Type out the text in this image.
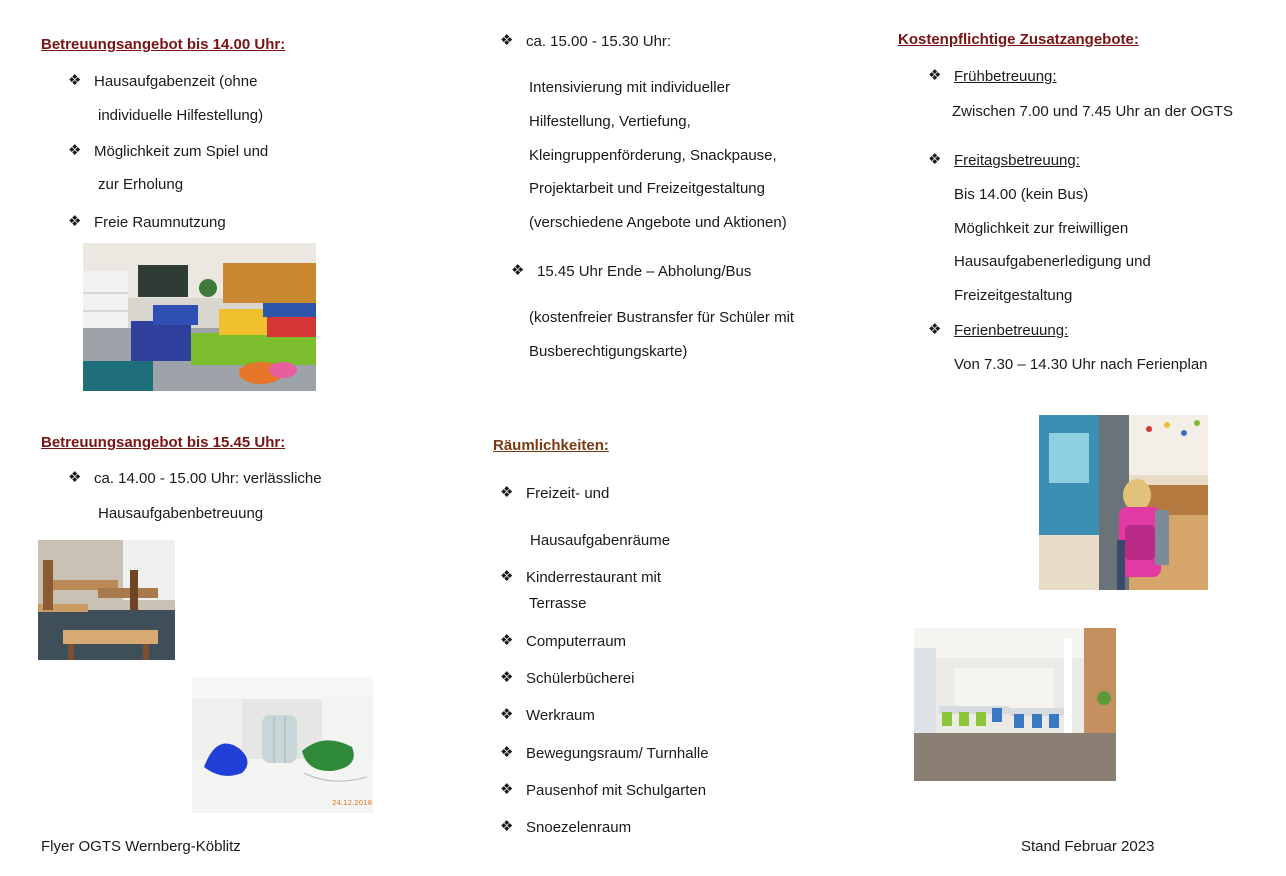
Betreuungsangebot bis 14.00 Uhr:
❖ Hausaufgabenzeit (ohne
individuelle Hilfestellung)
❖ Möglichkeit zum Spiel und
zur Erholung
❖ Freie Raumnutzung
Betreuungsangebot bis 15.45 Uhr:
❖ ca. 14.00 - 15.00 Uhr: verlässliche
Hausaufgabenbetreuung
24.12.2018
Flyer OGTS Wernberg-Köblitz
❖ ca. 15.00 - 15.30 Uhr:
Intensivierung mit individueller
Hilfestellung, Vertiefung,
Kleingruppenförderung, Snackpause,
Projektarbeit und Freizeitgestaltung
(verschiedene Angebote und Aktionen)
❖ 15.45 Uhr Ende – Abholung/Bus
(kostenfreier Bustransfer für Schüler mit
Busberechtigungskarte)
Räumlichkeiten:
❖ Freizeit- und
Hausaufgabenräume
❖ Kinderrestaurant mit
Terrasse
❖ Computerraum
❖ Schülerbücherei
❖ Werkraum
❖ Bewegungsraum/ Turnhalle
❖ Pausenhof mit Schulgarten
❖ Snoezelenraum
Kostenpflichtige Zusatzangebote:
❖ Frühbetreuung:
Zwischen 7.00 und 7.45 Uhr an der OGTS
❖ Freitagsbetreuung:
Bis 14.00 (kein Bus)
Möglichkeit zur freiwilligen
Hausaufgabenerledigung und
Freizeitgestaltung
❖ Ferienbetreuung:
Von 7.30 – 14.30 Uhr nach Ferienplan
Stand Februar 2023
